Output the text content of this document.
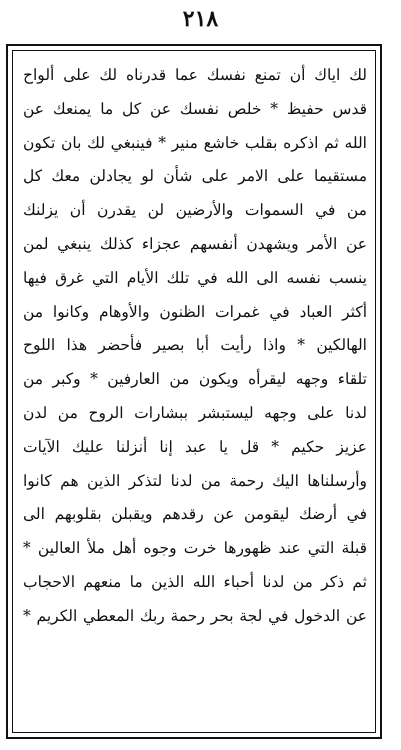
٢١٨
لك ایاك أن تمنع نفسك عما قدرناه لك على ألواح
قدس حفيظ * خلص نفسك عن كل ما يمنعك عن
الله ثم اذكره بقلب خاشع منير * فينبغي لك بان تكون
مستقيما على الامر على شأن لو يجادلن معك كل
من في السموات والأرضين لن يقدرن أن يزلنك
عن الأمر ويشهدن أنفسهم عجزاء كذلك ينبغي لمن
ينسب نفسه الى الله في تلك الأيام التي غرق فيها
أكثر العباد في غمرات الظنون والأوهام وكانوا من
الهالكين * واذا رأيت أبا بصير فأحضر هذا اللوح
تلقاء وجهه ليقرأه ويكون من العارفين * وكبر من
لدنا على وجهه ليستبشر ببشارات الروح من لدن
عزيز حكيم * قل يا عبد إنا أنزلنا عليك الآيات
وأرسلناها اليك رحمة من لدنا لتذكر الذين هم كانوا
في أرضك ليقومن عن رقدهم ويقبلن بقلوبهم الى
قبلة التي عند ظهورها خرت وجوه أهل ملأ العالين *
ثم ذكر من لدنا أحباء الله الذين ما منعهم الاحجاب
عن الدخول في لجة بحر رحمة ربك المعطي الكريم *
